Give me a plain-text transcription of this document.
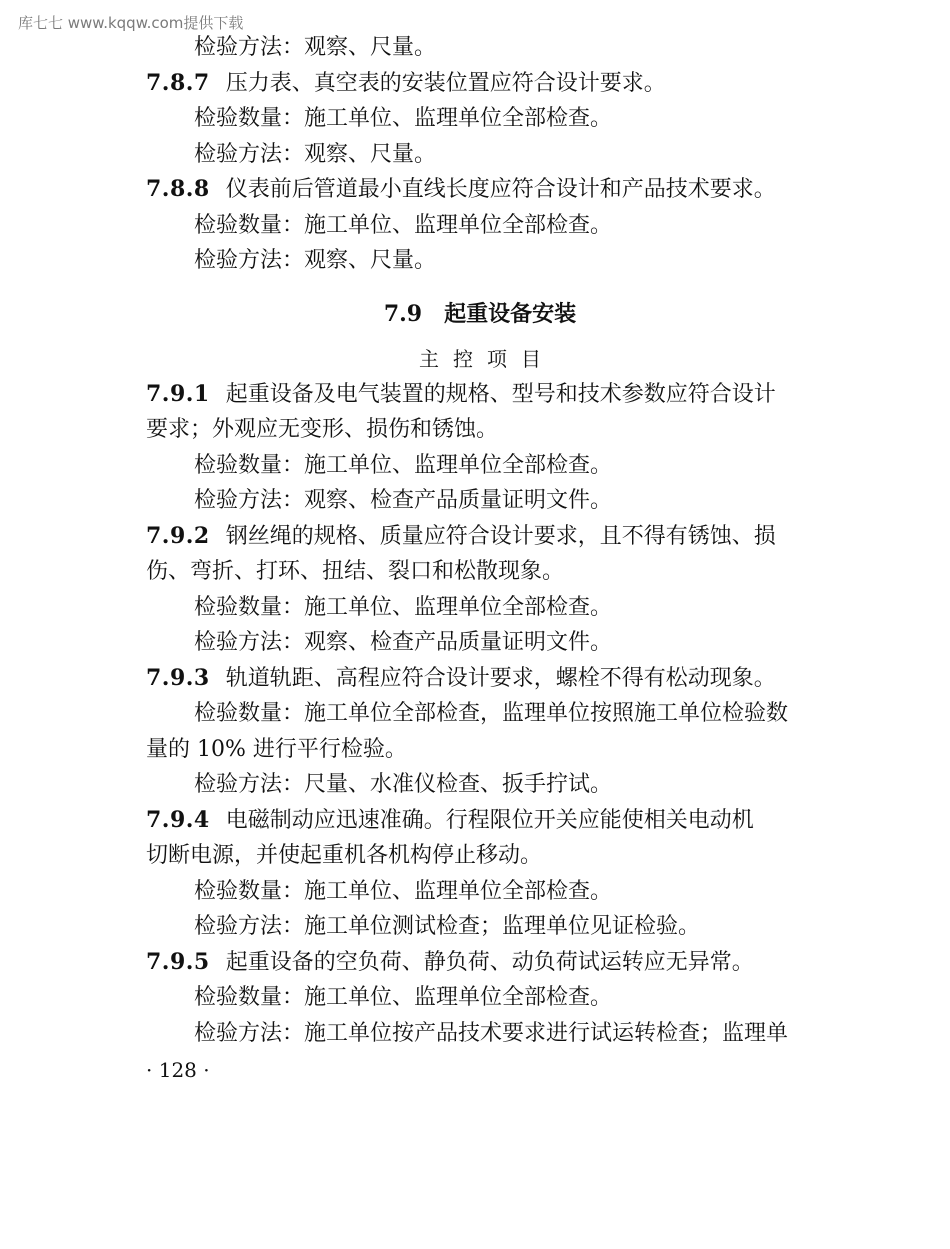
库七七 www.kqqw.com提供下载
检验方法：观察、尺量。
7.8.7 压力表、真空表的安装位置应符合设计要求。
检验数量：施工单位、监理单位全部检查。
检验方法：观察、尺量。
7.8.8 仪表前后管道最小直线长度应符合设计和产品技术要求。
检验数量：施工单位、监理单位全部检查。
检验方法：观察、尺量。
7.9 起重设备安装
主控项目
7.9.1 起重设备及电气装置的规格、型号和技术参数应符合设计
要求；外观应无变形、损伤和锈蚀。
检验数量：施工单位、监理单位全部检查。
检验方法：观察、检查产品质量证明文件。
7.9.2 钢丝绳的规格、质量应符合设计要求，且不得有锈蚀、损
伤、弯折、打环、扭结、裂口和松散现象。
检验数量：施工单位、监理单位全部检查。
检验方法：观察、检查产品质量证明文件。
7.9.3 轨道轨距、高程应符合设计要求，螺栓不得有松动现象。
检验数量：施工单位全部检查，监理单位按照施工单位检验数
量的 10% 进行平行检验。
检验方法：尺量、水准仪检查、扳手拧试。
7.9.4 电磁制动应迅速准确。行程限位开关应能使相关电动机
切断电源，并使起重机各机构停止移动。
检验数量：施工单位、监理单位全部检查。
检验方法：施工单位测试检查；监理单位见证检验。
7.9.5 起重设备的空负荷、静负荷、动负荷试运转应无异常。
检验数量：施工单位、监理单位全部检查。
检验方法：施工单位按产品技术要求进行试运转检查；监理单
· 128 ·
